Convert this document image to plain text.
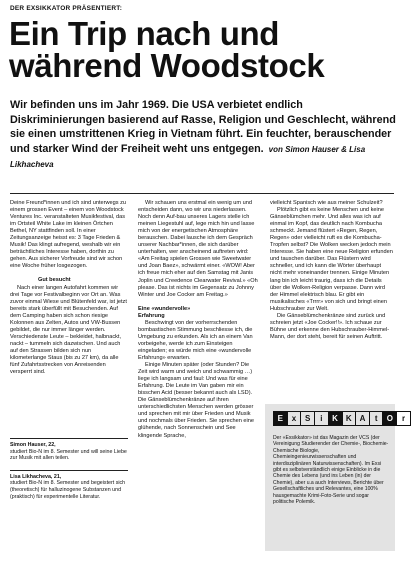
DER EXSIKKATOR PRÄSENTIERT:
Ein Trip nach und
während Woodstock
Wir befinden uns im Jahr 1969. Die USA verbietet endlich Diskriminierungen basierend auf Rasse, Religion und Geschlecht, während sie einen umstrittenen Krieg in Vietnam führt. Ein feuchter, berauschender und starker Wind der Freiheit weht uns entgegen. von Simon Hauser & Lisa Likhacheva

Deine Freund*innen und ich sind unterwegs zu einem grossen Event – einem von Woodstock Ventures Inc. veranstalteten Musikfestival, das im Ortsteil White Lake im kleinen Örtchen Bethel, NY stattfinden soll. In einer Zeitungsanzeige heisst es: 3 Tage Frieden & Musik! Das klingt aufregend, weshalb wir ein beträchtliches Interesse haben, dorthin zu gehen. Aus sicherer Vorfreude sind wir schon eine Woche früher losgezogen.

Gut besucht

Nach einer langen Autofahrt kommen wir drei Tage vor Festivalbeginn vor Ort an. Was zuvor einmal Wiese und Blütenfeld war, ist jetzt bereits stark überfüllt mit Besuchenden. Auf dem Camping haben sich schon riesige Kolonnen aus Zelten, Autos und VW-Bussen gebildet, die nur immer länger werden. Verschiedenste Leute – bekleidet, halbnackt, nackt – tummeln sich dazwischen. Und auch auf den Strassen bilden sich nun kilometerlange Staus (bis zu 27 km), da alle fünf Zufahrtsstrecken von Anreisenden versperrt sind.

Simon Hauser, 22,
studiert Bio-N im 8. Semester und will seine Liebe zur Musik mit allen teilen.
Lisa Likhacheva, 21,
studiert Bio-N im 8. Semester und begeistert sich (theoretisch) für halluzinogene Substanzen und (praktisch) für experimentelle Literatur.

Wir schauen uns erstmal ein wenig um und entscheiden dann, wo wir uns niederlassen. Noch denn Auf-bau unseres Lagers stelle ich meinen Liegestuhl auf, lege mich hin und lasse mich von der energetischen Atmosphäre berauschen. Dabei lausche ich dem Gespräch unserer Nachbar*innen, die sich darüber unterhalten, wer anscheinend auftreten wird: «Am Freitag spielen Grossen wie Sweetwater und Joan Baez», schwärmt einer. «WOW! Aber ich freue mich eher auf den Samstag mit Janis Joplin und Creedence Clearwater Revival.» «Oh please. Das ist nichts im Gegensatz zu Johnny Winter und Joe Cocker am Freitag.»

Eine «wundervolle»

Erfahrung

Beschwingt von der vorherrschenden bombastischen Stimmung beschliesse ich, die Umgebung zu erkunden. Als ich an einem Van vorbeigehe, werde ich zum Einsteigen eingeladen; es würde mich eine «wundervolle Erfahrung» erwarten.

Einige Minuten später (oder Stunden? Die Zeit wird warm und weich und schwammig …) liege ich langsam und faul: Und was für eine Erfahrung. Die Leute im Van gaben mir ein bisschen Acid (besser bekannt auch als LSD). Die Gänseblümchenkränze auf ihren unterschiedlichsten Menschen werden grösser und sprechen mit mir über Frieden und Musik und nochmals über Frieden. Sie sprechen eine glühende, nach Sonnenschein und See klingende Sprache,

vielleicht Spanisch wie aus meiner Schulzeit?

Plötzlich gibt es keine Menschen und keine Gänseblümchen mehr. Und alles was ich auf einmal im Kopf, das deutlich nach Kombucha schmeckt. Jemand flüstert «Regen, Regen, Regen» oder vielleicht ruft es die Kombucha-Tropfen selbst? Die Wolken wecken jedoch mein Interesse. Sie haben eine neue Religion erfunden und tauschen darüber. Das Flüstern wird schneller, und ich kann die Wörter überhaupt nicht mehr voneinander trennen. Einige Minuten lang bin ich leicht traurig, dass ich die Details über die Wolken-Religion verpasse. Dann wird der Himmel elektrisch blau. Er gibt ein musikalisches «Trrrr» von sich und bringt einen Hubschrauber zur Welt.

Die Gänseblümchenkränze sind zurück und schreien jetzt «Joe Cocker!!». Ich schaue zur Bühne und erkenne den Hubschrauber-Himmel-Mann, der dort steht, bereit für seinen Auftritt.

E	x	S	i	K K A	t	O	r
Der «Exsikkator» ist das Magazin der VCS (der Vereinigung Studierender der Chemie-, Biochemie- Chemische Biologie, Chemieingenieurwissenschaften und interdisziplinären Naturwissenschaften). Im Exsi gibt es selbstverständlich einige Einblicke in die Chemie des Lebens (und ins Leben (in) der Chemie), aber u.a auch Interviews, Berichte über Gesellschaftliches und Relevantes, eine 100% hausgemachte Krimi-Foto-Serie und sogar politische Polemik.
